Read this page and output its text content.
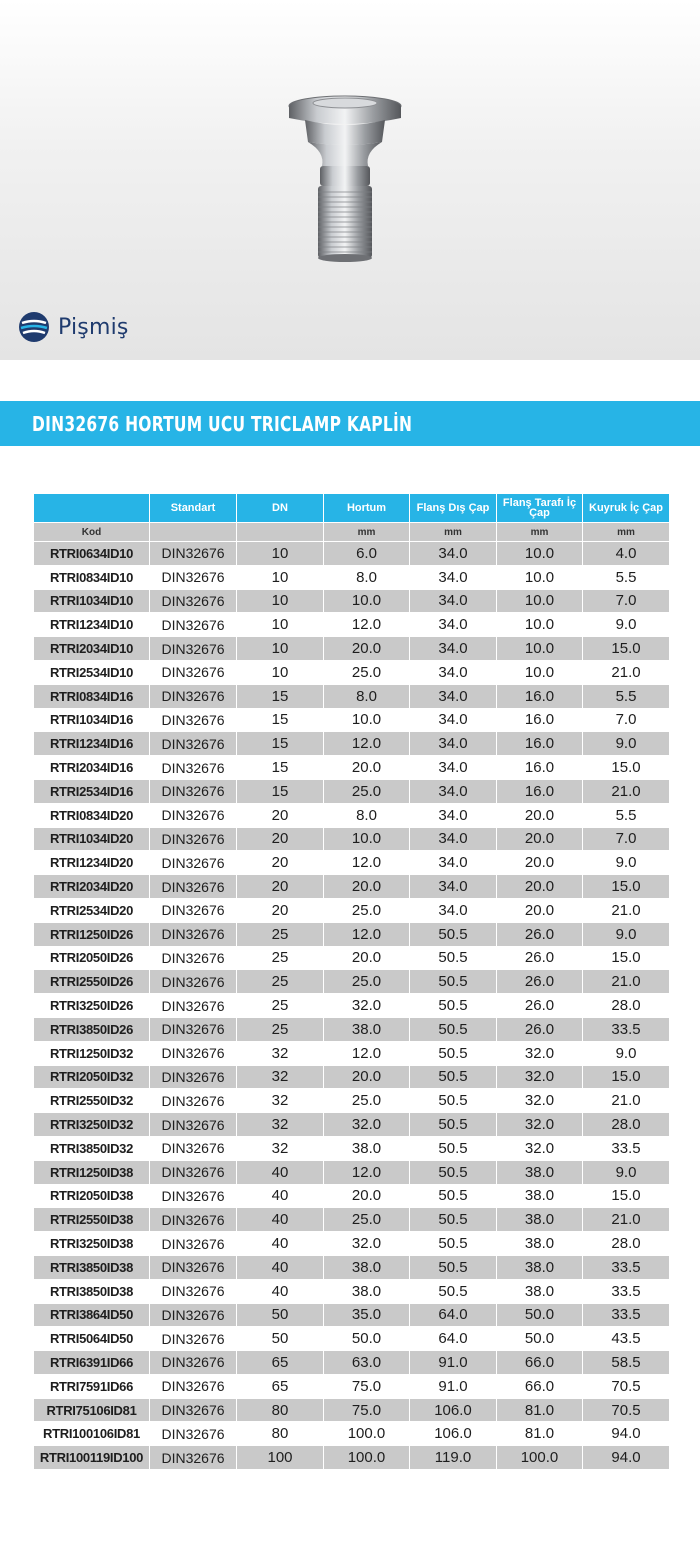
Pişmiş
DIN32676 HORTUM UCU TRICLAMP KAPLİN
	Standart	DN	Hortum	Flanş Dış Çap	Flanş Tarafı İç Çap	Kuyruk İç Çap
Kod			mm	mm	mm	mm
RTRI0634ID10	DIN32676	10	6.0	34.0	10.0	4.0
RTRI0834ID10	DIN32676	10	8.0	34.0	10.0	5.5
RTRI1034ID10	DIN32676	10	10.0	34.0	10.0	7.0
RTRI1234ID10	DIN32676	10	12.0	34.0	10.0	9.0
RTRI2034ID10	DIN32676	10	20.0	34.0	10.0	15.0
RTRI2534ID10	DIN32676	10	25.0	34.0	10.0	21.0
RTRI0834ID16	DIN32676	15	8.0	34.0	16.0	5.5
RTRI1034ID16	DIN32676	15	10.0	34.0	16.0	7.0
RTRI1234ID16	DIN32676	15	12.0	34.0	16.0	9.0
RTRI2034ID16	DIN32676	15	20.0	34.0	16.0	15.0
RTRI2534ID16	DIN32676	15	25.0	34.0	16.0	21.0
RTRI0834ID20	DIN32676	20	8.0	34.0	20.0	5.5
RTRI1034ID20	DIN32676	20	10.0	34.0	20.0	7.0
RTRI1234ID20	DIN32676	20	12.0	34.0	20.0	9.0
RTRI2034ID20	DIN32676	20	20.0	34.0	20.0	15.0
RTRI2534ID20	DIN32676	20	25.0	34.0	20.0	21.0
RTRI1250ID26	DIN32676	25	12.0	50.5	26.0	9.0
RTRI2050ID26	DIN32676	25	20.0	50.5	26.0	15.0
RTRI2550ID26	DIN32676	25	25.0	50.5	26.0	21.0
RTRI3250ID26	DIN32676	25	32.0	50.5	26.0	28.0
RTRI3850ID26	DIN32676	25	38.0	50.5	26.0	33.5
RTRI1250ID32	DIN32676	32	12.0	50.5	32.0	9.0
RTRI2050ID32	DIN32676	32	20.0	50.5	32.0	15.0
RTRI2550ID32	DIN32676	32	25.0	50.5	32.0	21.0
RTRI3250ID32	DIN32676	32	32.0	50.5	32.0	28.0
RTRI3850ID32	DIN32676	32	38.0	50.5	32.0	33.5
RTRI1250ID38	DIN32676	40	12.0	50.5	38.0	9.0
RTRI2050ID38	DIN32676	40	20.0	50.5	38.0	15.0
RTRI2550ID38	DIN32676	40	25.0	50.5	38.0	21.0
RTRI3250ID38	DIN32676	40	32.0	50.5	38.0	28.0
RTRI3850ID38	DIN32676	40	38.0	50.5	38.0	33.5
RTRI3850ID38	DIN32676	40	38.0	50.5	38.0	33.5
RTRI3864ID50	DIN32676	50	35.0	64.0	50.0	33.5
RTRI5064ID50	DIN32676	50	50.0	64.0	50.0	43.5
RTRI6391ID66	DIN32676	65	63.0	91.0	66.0	58.5
RTRI7591ID66	DIN32676	65	75.0	91.0	66.0	70.5
RTRI75106ID81	DIN32676	80	75.0	106.0	81.0	70.5
RTRI100106ID81	DIN32676	80	100.0	106.0	81.0	94.0
RTRI100119ID100	DIN32676	100	100.0	119.0	100.0	94.0
